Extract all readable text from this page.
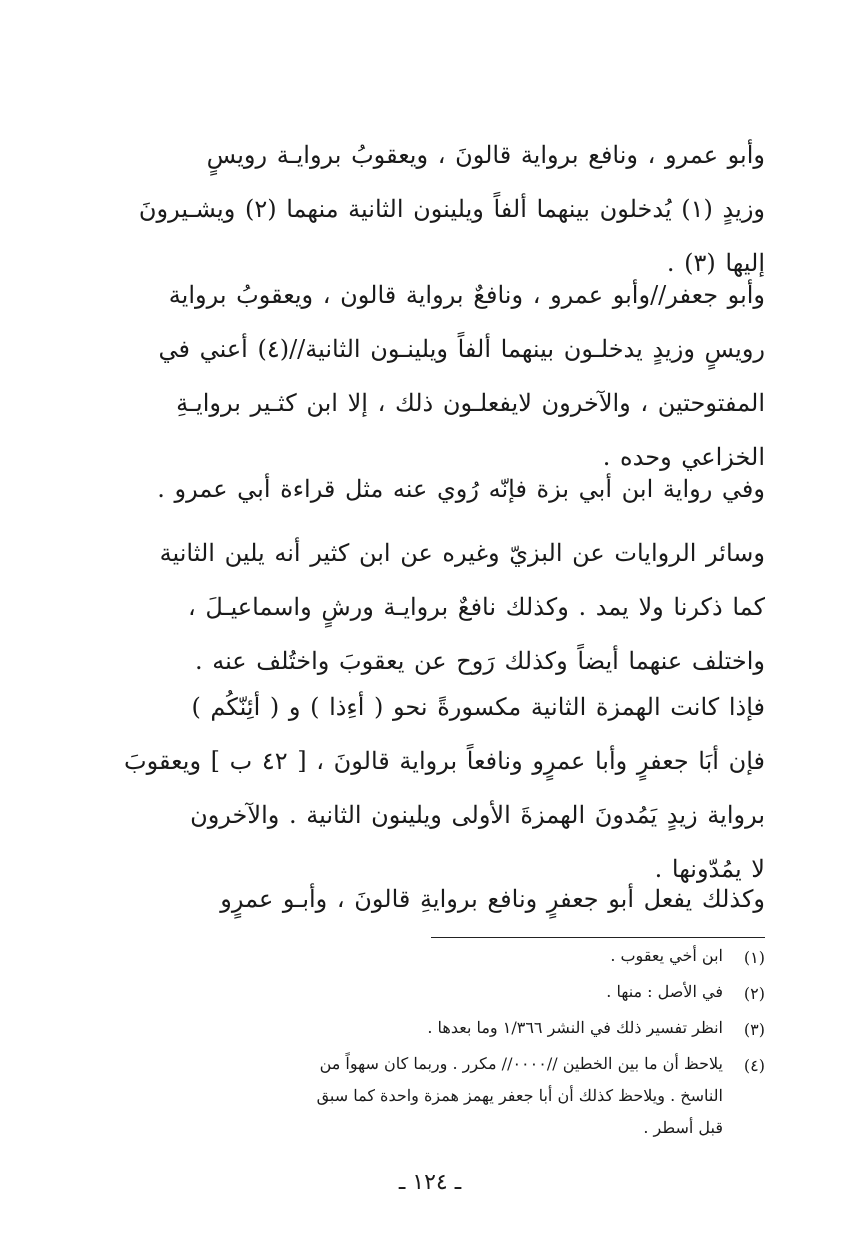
وأبو عمرو ، ونافع برواية قالونَ ، ويعقوبُ بروايـة رويسٍ
وزيدٍ (١) يُدخلون بينهما ألفاً ويلينون الثانية منهما (٢) ويشـيرونَ
إليها (٣) .
وأبو جعفر//وأبو عمرو ، ونافعٌ برواية قالون ، ويعقوبُ برواية
رويسٍ وزيدٍ يدخلـون بينهما ألفاً ويلينـون الثانية//(٤) أعني في
المفتوحتين ، والآخرون لايفعلـون ذلك ، إلا ابن كثـير بروايـةِ
الخزاعي وحده .
وفي رواية ابن أبي بزة فإنّه رُوي عنه مثل قراءة أبي عمرو .
وسائر الروايات عن البزيّ وغيره عن ابن كثير أنه يلين الثانية
كما ذكرنا ولا يمد . وكذلك نافعٌ بروايـة ورشٍ واسماعيـلَ ،
واختلف عنهما أيضاً وكذلك رَوح عن يعقوبَ واختُلف عنه .
فإذا كانت الهمزة الثانية مكسورةً نحو ( أءِذا ) و ( أئِنّكُم )
فإن أبَا جعفرٍ وأبا عمرٍو ونافعاً برواية قالونَ ، [ ٤٢ ب ] ويعقوبَ
برواية زيدٍ يَمُدونَ الهمزةَ الأولى ويلينون الثانية . والآخرون
لا يمُدّونها .
وكذلك يفعل أبو جعفرٍ ونافع بروايةِ قالونَ ، وأبـو عمرٍو
(١)
ابن أخي يعقوب .
(٢)
في الأصل : منها .
(٣)
انظر تفسير ذلك في النشر ١/٣٦٦ وما بعدها .
(٤)
يلاحظ أن ما بين الخطين //٠٠٠٠// مكرر . وربما كان سهواً من
الناسخ . ويلاحظ كذلك أن أبا جعفر يهمز همزة واحدة كما سبق
قبل أسطر .
ـ ١٢٤ ـ
